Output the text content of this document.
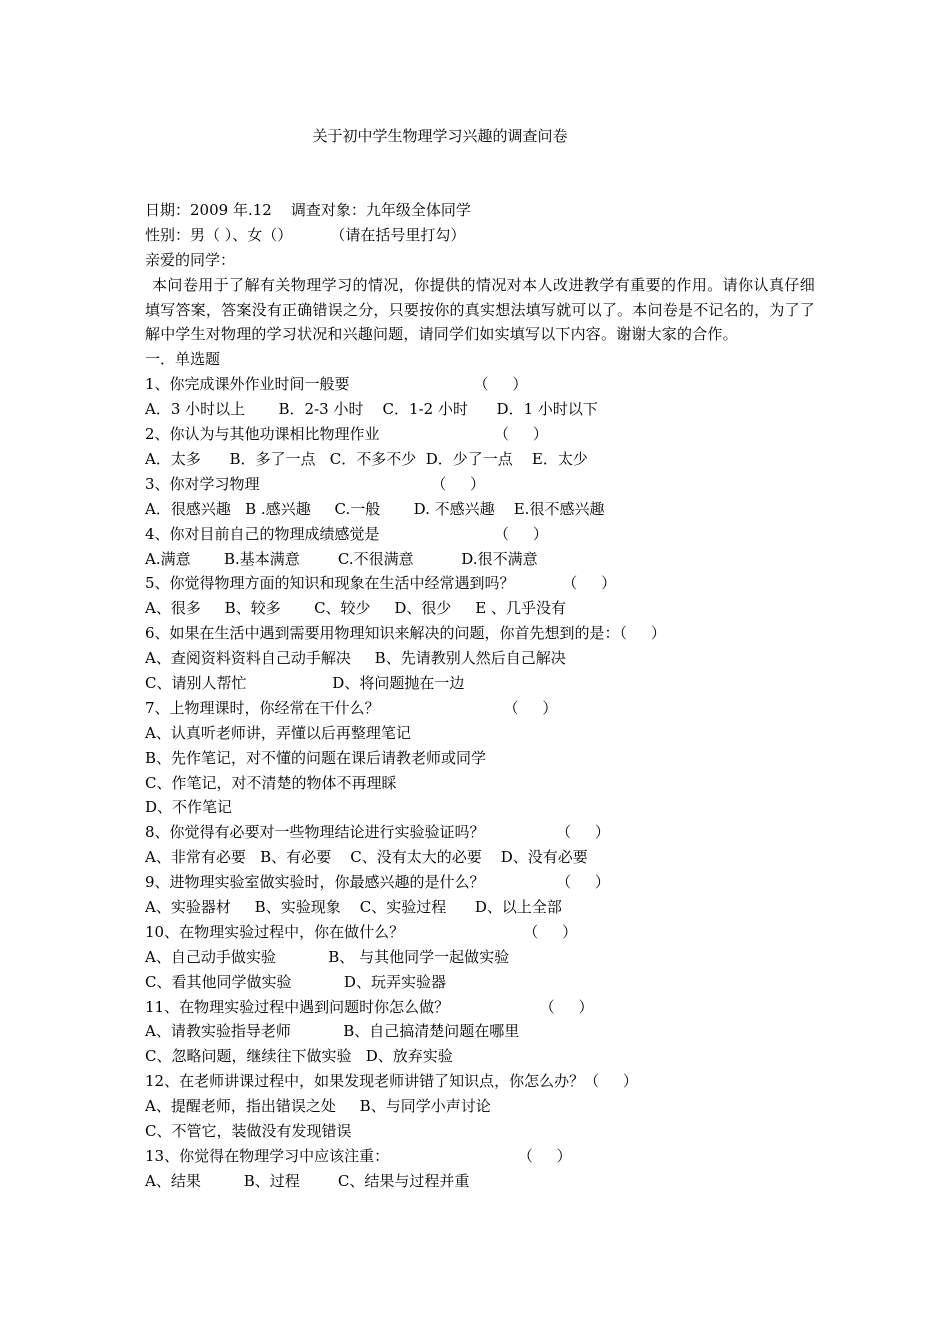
关于初中学生物理学习兴趣的调查问卷
日期：2009 年.12    调查对象：九年级全体同学
性别：男（ ）、女（）        （请在括号里打勾）
亲爱的同学：
本问卷用于了解有关物理学习的情况，你提供的情况对本人改进教学有重要的作用。请你认真仔细填写答案，答案没有正确错误之分，只要按你的真实想法填写就可以了。本问卷是不记名的，为了了解中学生对物理的学习状况和兴趣问题，请同学们如实填写以下内容。谢谢大家的合作。
一．单选题
1、你完成课外作业时间一般要                          （     ）
A．3 小时以上       B．2-3 小时    C．1-2 小时      D．1 小时以下
2、你认为与其他功课相比物理作业                        （     ）
A．太多      B．多了一点   C．不多不少  D．少了一点    E．太少
3、你对学习物理                                    （     ）
A．很感兴趣   B .感兴趣     C.一般       D. 不感兴趣    E.很不感兴趣
4、你对目前自己的物理成绩感觉是                        （     ）
A.满意       B.基本满意        C.不很满意          D.很不满意
5、你觉得物理方面的知识和现象在生活中经常遇到吗？          （     ）
A、很多     B、较多       C、较少     D、很少     E 、几乎没有
6、如果在生活中遇到需要用物理知识来解决的问题，你首先想到的是：（     ）
A、查阅资料资料自己动手解决     B、先请教别人然后自己解决
C、请别人帮忙                  D、将问题抛在一边
7、上物理课时，你经常在干什么？                          （     ）
A、认真听老师讲，弄懂以后再整理笔记
B、先作笔记，对不懂的问题在课后请教老师或同学
C、作笔记，对不清楚的物体不再理睬
D、不作笔记
8、你觉得有必要对一些物理结论进行实验验证吗？               （     ）
A、非常有必要   B、有必要    C、没有太大的必要    D、没有必要
9、进物理实验室做实验时，你最感兴趣的是什么？               （     ）
A、实验器材     B、实验现象    C、实验过程      D、以上全部
10、在物理实验过程中，你在做什么？                         （     ）
A、自己动手做实验           B、 与其他同学一起做实验
C、看其他同学做实验           D、玩弄实验器
11、在物理实验过程中遇到问题时你怎么做？                   （     ）
A、请教实验指导老师           B、自己搞清楚问题在哪里
C、忽略问题，继续往下做实验   D、放弃实验
12、在老师讲课过程中，如果发现老师讲错了知识点，你怎么办？（     ）
A、提醒老师，指出错误之处     B、与同学小声讨论
C、不管它，装做没有发现错误
13、你觉得在物理学习中应该注重：                           （     ）
A、结果         B、过程        C、结果与过程并重
